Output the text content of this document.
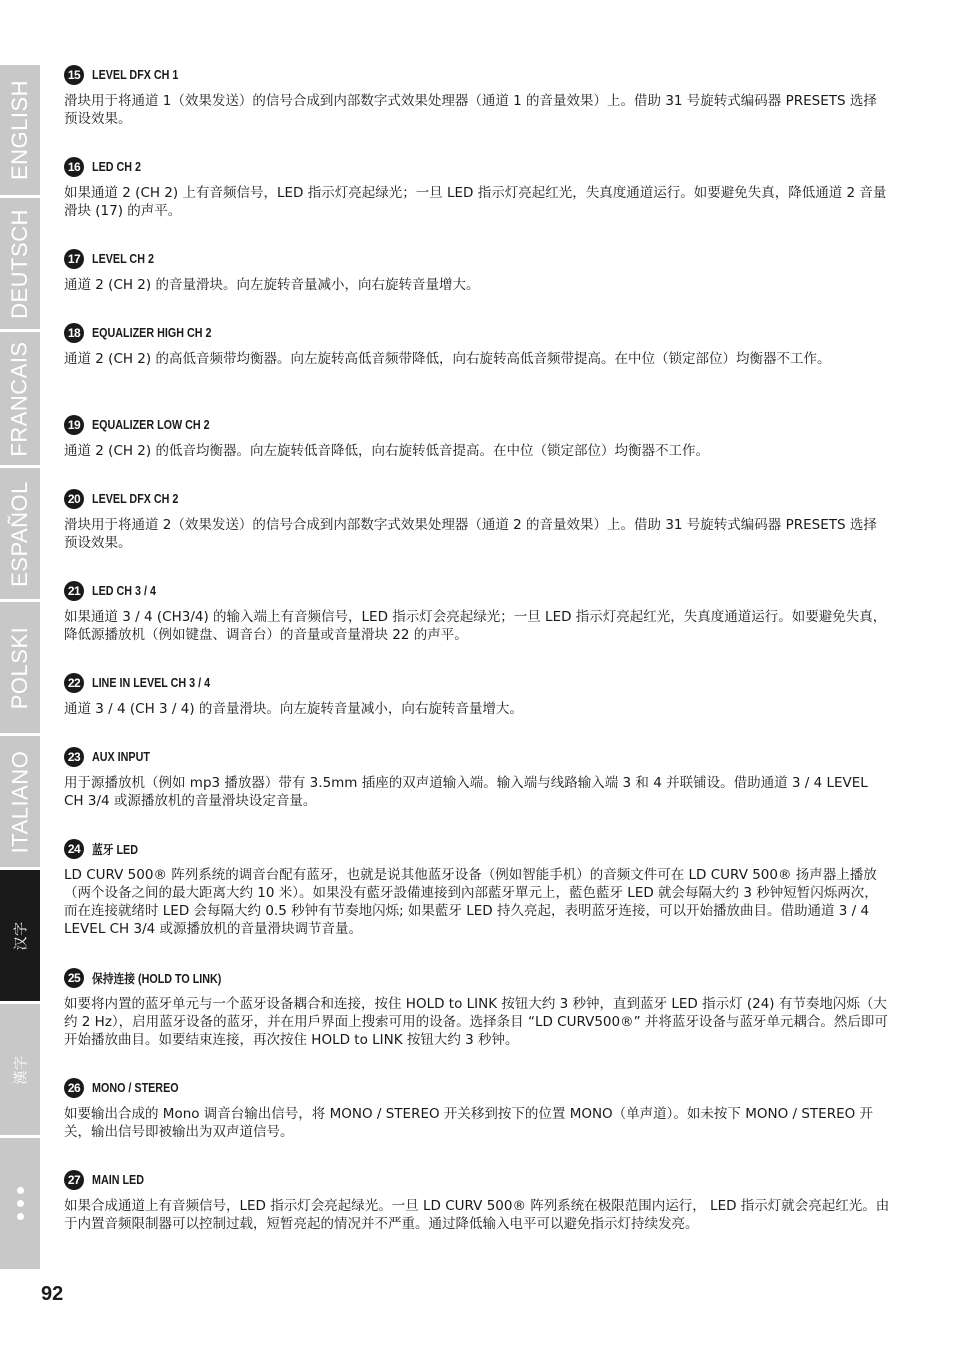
ENGLISH
DEUTSCH
FRANCAIS
ESPAÑOL
POLSKI
ITALIANO
汉字
漢字
92
15 LEVEL DFX CH 1
滑块用于将通道 1（效果发送）的信号合成到内部数字式效果处理器（通道 1 的音量效果）上。借助 31 号旋转式编码器 PRESETS 选择预设效果。
16 LED CH 2
如果通道 2 (CH 2) 上有音频信号，LED 指示灯亮起绿光；一旦 LED 指示灯亮起红光，失真度通道运行。如要避免失真，降低通道 2 音量滑块 (17) 的声平。
17 LEVEL CH 2
通道 2 (CH 2) 的音量滑块。向左旋转音量减小，向右旋转音量增大。
18 EQUALIZER HIGH CH 2
通道 2 (CH 2) 的高低音频带均衡器。向左旋转高低音频带降低，向右旋转高低音频带提高。在中位（锁定部位）均衡器不工作。
19 EQUALIZER LOW CH 2
通道 2 (CH 2) 的低音均衡器。向左旋转低音降低，向右旋转低音提高。在中位（锁定部位）均衡器不工作。
20 LEVEL DFX CH 2
滑块用于将通道 2（效果发送）的信号合成到内部数字式效果处理器（通道 2 的音量效果）上。借助 31 号旋转式编码器 PRESETS 选择预设效果。
21 LED CH 3 / 4
如果通道 3 / 4 (CH3/4) 的输入端上有音频信号，LED 指示灯会亮起绿光；一旦 LED 指示灯亮起红光，失真度通道运行。如要避免失真，降低源播放机（例如键盘、调音台）的音量或音量滑块 22 的声平。
22 LINE IN LEVEL CH 3 / 4
通道 3 / 4 (CH 3 / 4) 的音量滑块。向左旋转音量减小，向右旋转音量增大。
23 AUX INPUT
用于源播放机（例如 mp3 播放器）带有 3.5mm 插座的双声道输入端。输入端与线路输入端 3 和 4 并联铺设。借助通道 3 / 4 LEVEL CH 3/4 或源播放机的音量滑块设定音量。
24 蓝牙 LED
LD CURV 500® 阵列系统的调音台配有蓝牙，也就是说其他蓝牙设备（例如智能手机）的音频文件可在 LD CURV 500® 扬声器上播放（两个设备之间的最大距离大约 10 米）。如果没有藍牙設備連接到內部藍牙單元上，藍色藍牙 LED 就会每隔大约 3 秒钟短暂闪烁两次，而在连接就绪时 LED 会每隔大约 0.5 秒钟有节奏地闪烁; 如果藍牙 LED 持久亮起，表明蓝牙连接，可以开始播放曲目。借助通道 3 / 4 LEVEL CH 3/4 或源播放机的音量滑块调节音量。
25 保持连接 (HOLD TO LINK)
如要将内置的蓝牙单元与一个蓝牙设备耦合和连接，按住 HOLD to LINK 按钮大约 3 秒钟，直到蓝牙 LED 指示灯 (24) 有节奏地闪烁（大约 2 Hz），启用蓝牙设备的蓝牙，并在用戶界面上搜索可用的设备。选择条目 “LD CURV500®” 并将蓝牙设备与蓝牙单元耦合。然后即可开始播放曲目。如要结束连接，再次按住 HOLD to LINK 按钮大约 3 秒钟。
26 MONO / STEREO
如要输出合成的 Mono 调音台输出信号，将 MONO / STEREO 开关移到按下的位置 MONO（单声道）。如未按下 MONO / STEREO 开关，输出信号即被输出为双声道信号。
27 MAIN LED
如果合成通道上有音频信号，LED 指示灯会亮起绿光。一旦 LD CURV 500® 阵列系统在极限范围内运行， LED 指示灯就会亮起红光。由于内置音频限制器可以控制过载，短暂亮起的情况并不严重。通过降低输入电平可以避免指示灯持续发亮。
